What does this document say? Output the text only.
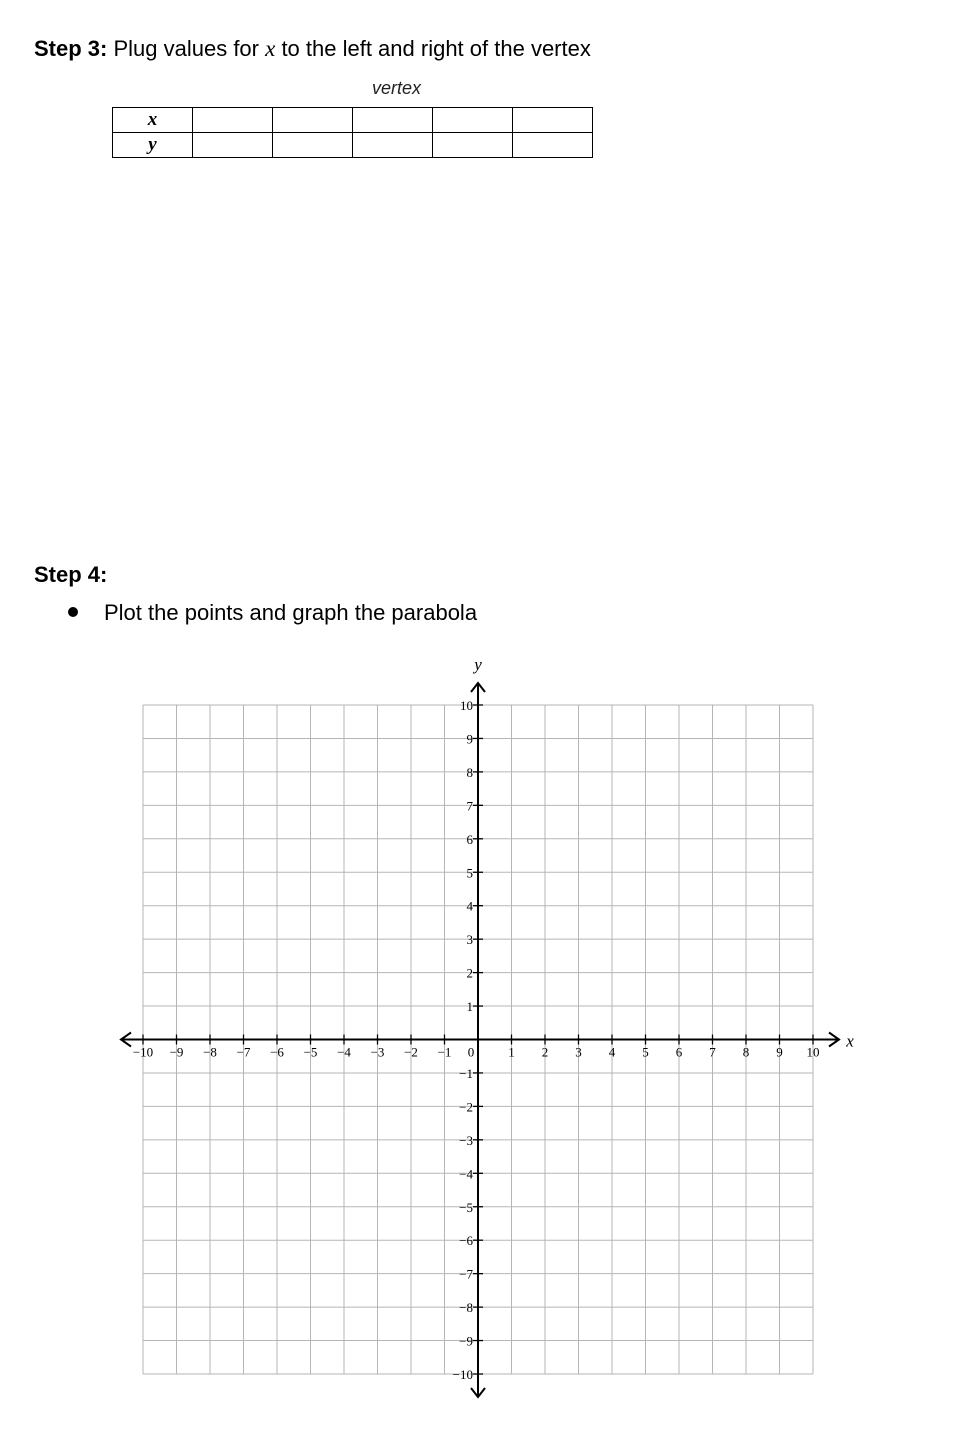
Step 3: Plug values for x to the left and right of the vertex
vertex
x					
y					
Step 4:
Plot the points and graph the parabola
−10 −9 −8 −7 −6 −5 −4 −3 −2 −1 0	1 2 3 4 5 6 7 8 9 10
10
9
8
7
6
5
4
3
2
1
−1
−2
−3
−4
−5
−6
−7
−8
−9
−10
x
y
